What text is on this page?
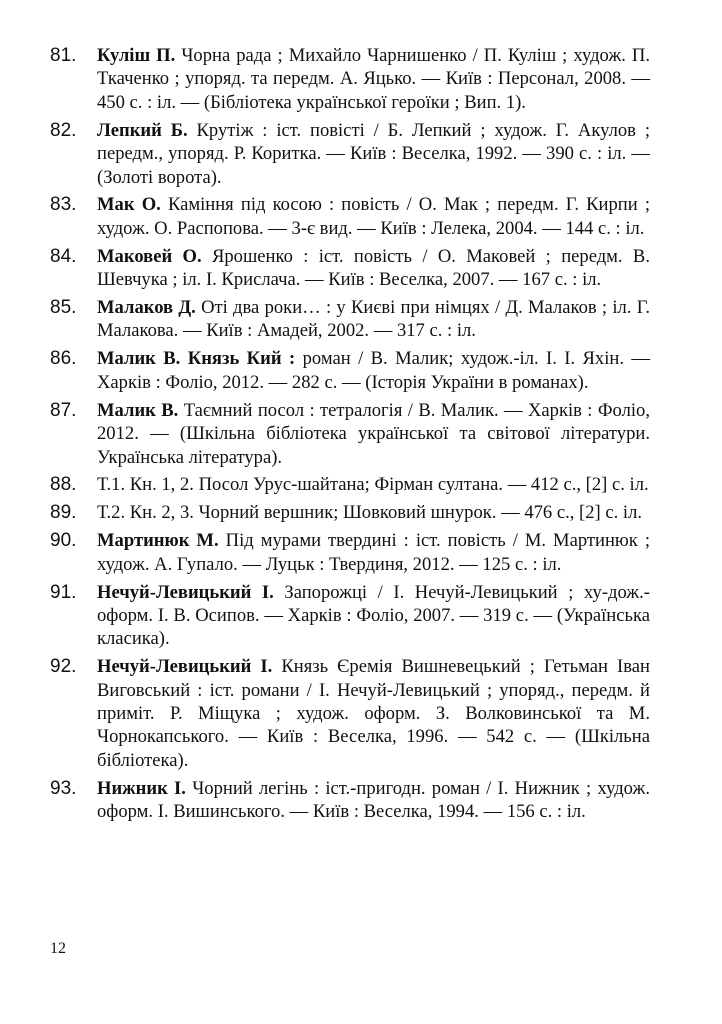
81. Куліш П. Чорна рада ; Михайло Чарнишенко / П. Куліш ; худож. П. Ткаченко ; упоряд. та передм. А. Яцько. — Київ : Персонал, 2008. — 450 с. : іл. — (Бібліотека української героїки ; Вип. 1).
82. Лепкий Б. Крутіж : іст. повісті / Б. Лепкий ; худож. Г. Акулов ; передм., упоряд. Р. Коритка. — Київ : Веселка, 1992. — 390 с. : іл. — (Золоті ворота).
83. Мак О. Каміння під косою : повість / О. Мак ; передм. Г. Кирпи ; худож. О. Распопова. — 3-є вид. — Київ : Лелека, 2004. — 144 с. : іл.
84. Маковей О. Ярошенко : іст. повість / О. Маковей ; передм. В. Шевчука ; іл. І. Крислача. — Київ : Веселка, 2007. — 167 с. : іл.
85. Малаков Д. Оті два роки… : у Києві при німцях / Д. Малаков ; іл. Г. Малакова. — Київ : Амадей, 2002. — 317 с. : іл.
86. Малик В. Князь Кий : роман / В. Малик; худож.-іл. І. І. Яхін. — Харків : Фоліо, 2012. — 282 с. — (Історія України в романах).
87. Малик В. Таємний посол : тетралогія / В. Малик. — Харків : Фоліо, 2012. — (Шкільна бібліотека української та світової літератури. Українська література).
88. Т.1. Кн. 1, 2. Посол Урус-шайтана; Фірман султана. — 412 с., [2] с. іл.
89. Т.2. Кн. 2, 3. Чорний вершник; Шовковий шнурок. — 476 с., [2] с. іл.
90. Мартинюк М. Під мурами твердині : іст. повість / М. Мартинюк ; худож. А. Гупало. — Луцьк : Твердиня, 2012. — 125 с. : іл.
91. Нечуй-Левицький І. Запорожці / І. Нечуй-Левицький ; ху-дож.-оформ. І. В. Осипов. — Харків : Фоліо, 2007. — 319 с. — (Українська класика).
92. Нечуй-Левицький І. Князь Єремія Вишневецький ; Гетьман Іван Виговський : іст. романи / І. Нечуй-Левицький ; упоряд., передм. й приміт. Р. Міщука ; худож. оформ. З. Волковинської та М. Чорнокапського. — Київ : Веселка, 1996. — 542 с. — (Шкільна бібліотека).
93. Нижник І. Чорний легінь : іст.-пригодн. роман / І. Нижник ; худож. оформ. І. Вишинського. — Київ : Веселка, 1994. — 156 с. : іл.
12
